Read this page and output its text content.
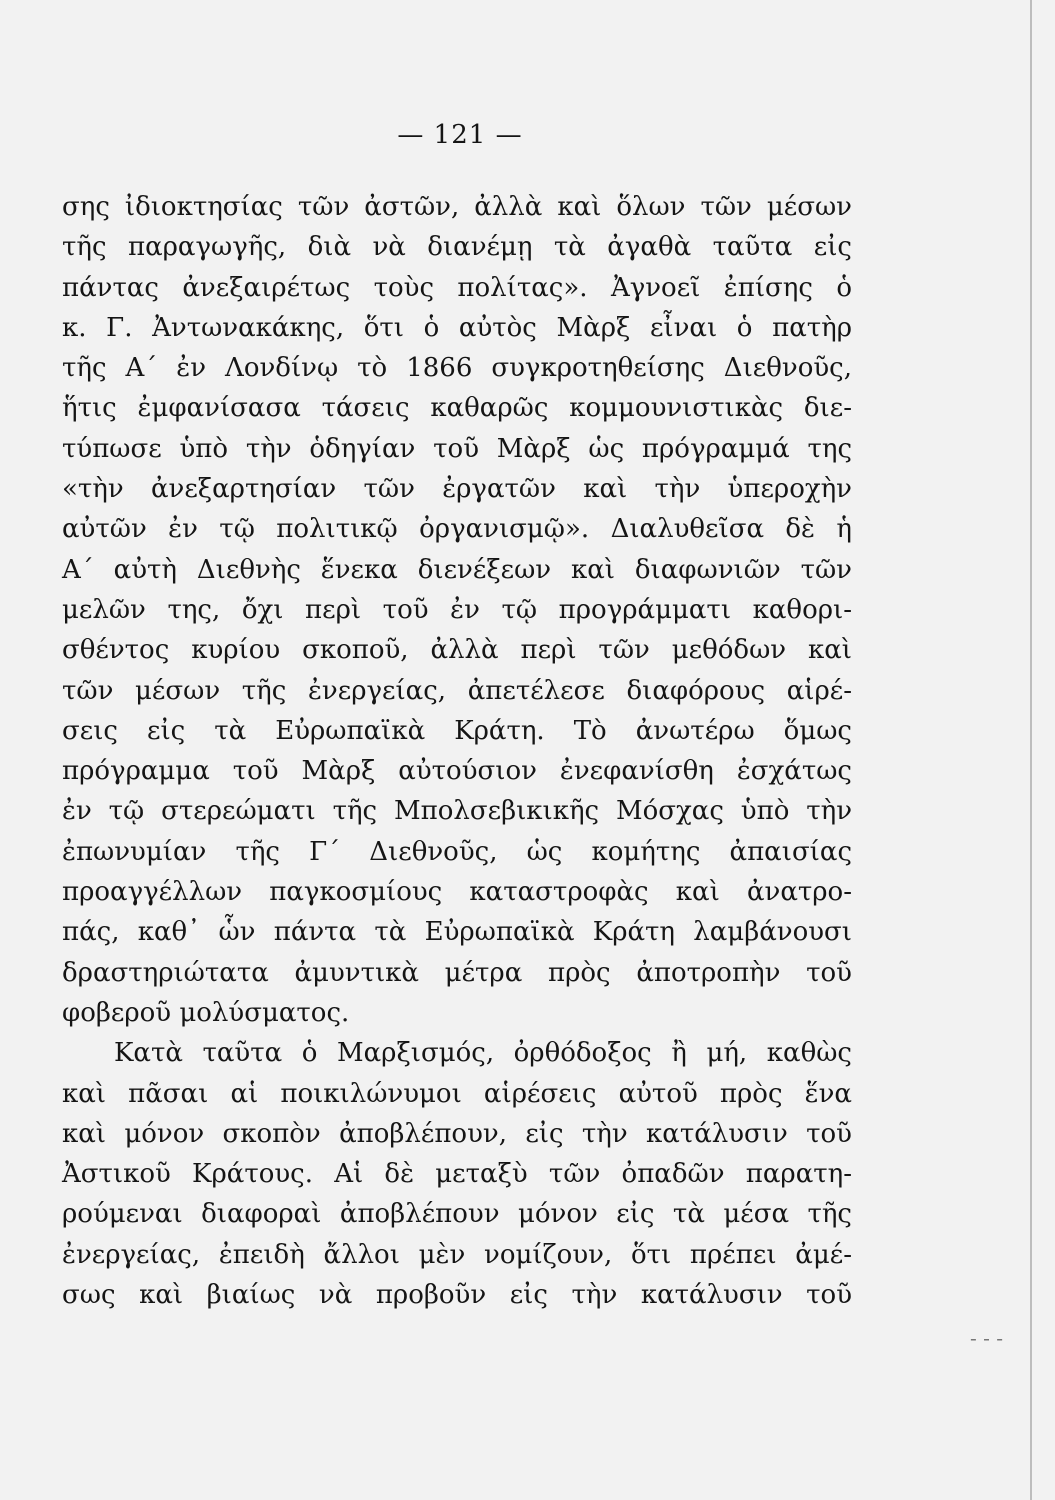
— 121 —
σης ἰδιοκτησίας τῶν ἀστῶν, ἀλλὰ καὶ ὅλων τῶν μέσων
τῆς παραγωγῆς, διὰ νὰ διανέμῃ τὰ ἀγαθὰ ταῦτα εἰς
πάντας ἀνεξαιρέτως τοὺς πολίτας». Ἀγνοεῖ ἐπίσης ὁ
κ. Γ. Ἀντωνακάκης, ὅτι ὁ αὐτὸς Μὰρξ εἶναι ὁ πατὴρ
τῆς Α΄ ἐν Λονδίνῳ τὸ 1866 συγκροτηθείσης Διεθνοῦς,
ἥτις ἐμφανίσασα τάσεις καθαρῶς κομμουνιστικὰς διε-
τύπωσε ὑπὸ τὴν ὁδηγίαν τοῦ Μὰρξ ὡς πρόγραμμά της
«τὴν ἀνεξαρτησίαν τῶν ἐργατῶν καὶ τὴν ὑπεροχὴν
αὐτῶν ἐν τῷ πολιτικῷ ὀργανισμῷ». Διαλυθεῖσα δὲ ἡ
Α΄ αὐτὴ Διεθνὴς ἕνεκα διενέξεων καὶ διαφωνιῶν τῶν
μελῶν της, ὄχι περὶ τοῦ ἐν τῷ προγράμματι καθορι-
σθέντος κυρίου σκοποῦ, ἀλλὰ περὶ τῶν μεθόδων καὶ
τῶν μέσων τῆς ἐνεργείας, ἀπετέλεσε διαφόρους αἱρέ-
σεις εἰς τὰ Εὐρωπαϊκὰ Κράτη. Τὸ ἀνωτέρω ὅμως
πρόγραμμα τοῦ Μὰρξ αὐτούσιον ἐνεφανίσθη ἐσχάτως
ἐν τῷ στερεώματι τῆς Μπολσεβικικῆς Μόσχας ὑπὸ τὴν
ἐπωνυμίαν τῆς Γ΄ Διεθνοῦς, ὡς κομήτης ἀπαισίας
προαγγέλλων παγκοσμίους καταστροφὰς καὶ ἀνατρο-
πάς, καθ᾿ ὧν πάντα τὰ Εὐρωπαϊκὰ Κράτη λαμβάνουσι
δραστηριώτατα ἀμυντικὰ μέτρα πρὸς ἀποτροπὴν τοῦ
φοβεροῦ μολύσματος.
Κατὰ ταῦτα ὁ Μαρξισμός, ὀρθόδοξος ἢ μή, καθὼς
καὶ πᾶσαι αἱ ποικιλώνυμοι αἱρέσεις αὐτοῦ πρὸς ἕνα
καὶ μόνον σκοπὸν ἀποβλέπουν, εἰς τὴν κατάλυσιν τοῦ
Ἀστικοῦ Κράτους. Αἱ δὲ μεταξὺ τῶν ὀπαδῶν παρατη-
ρούμεναι διαφοραὶ ἀποβλέπουν μόνον εἰς τὰ μέσα τῆς
ἐνεργείας, ἐπειδὴ ἄλλοι μὲν νομίζουν, ὅτι πρέπει ἀμέ-
σως καὶ βιαίως νὰ προβοῦν εἰς τὴν κατάλυσιν τοῦ
- - -
